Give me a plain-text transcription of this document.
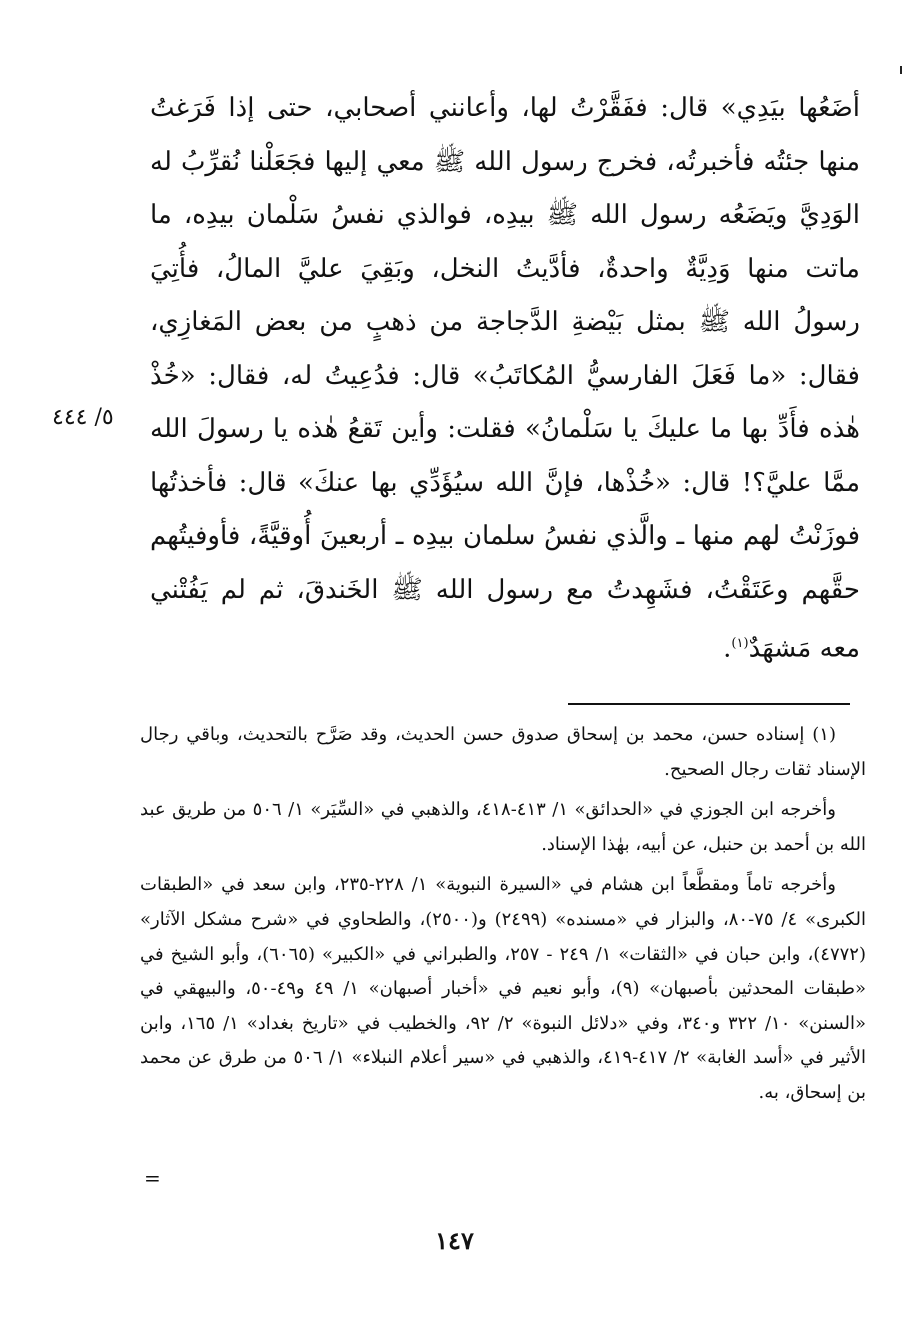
أضَعُها بيَدِي» قال: ففَقَّرْتُ لها، وأعانني أصحابي، حتى إذا فَرَغتُ منها جئتُه فأخبرتُه، فخرج رسول الله ﷺ معي إليها فجَعَلْنا نُقرِّبُ له الوَدِيَّ ويَضَعُه رسول الله ﷺ بيدِه، فوالذي نفسُ سَلْمان بيدِه، ما ماتت منها وَدِيَّةٌ واحدةٌ، فأدَّيتُ النخل، وبَقِيَ عليَّ المالُ، فأُتِيَ رسولُ الله ﷺ بمثل بَيْضةِ الدَّجاجة من ذهبٍ من بعض المَغازِي، فقال: «ما فَعَلَ الفارسيُّ المُكاتَبُ» قال: فدُعِيتُ له، فقال: «خُذْ هٰذه فأَدِّ بها ما عليكَ يا سَلْمانُ» فقلت: وأين تَقعُ هٰذه يا رسولَ الله ممَّا عليَّ؟! قال: «خُذْها، فإنَّ الله سيُؤَدِّي بها عنكَ» قال: فأخذتُها فوزَنْتُ لهم منها ـ والَّذي نفسُ سلمان بيدِه ـ أربعينَ أُوقيَّةً، فأوفيتُهم حقَّهم وعَتَقْتُ، فشَهِدتُ مع رسول الله ﷺ الخَندقَ، ثم لم يَفُتْني معه مَشهَدٌ$^{(١)}$.

٥/ ٤٤٤

(١) إسناده حسن، محمد بن إسحاق صدوق حسن الحديث، وقد صَرَّح بالتحديث، وباقي رجال الإسناد ثقات رجال الصحيح.

وأخرجه ابن الجوزي في «الحدائق» ١/ ٤١٣-٤١٨، والذهبي في «السِّيَر» ١/ ٥٠٦ من طريق عبد الله بن أحمد بن حنبل، عن أبيه، بهٰذا الإسناد.

وأخرجه تاماً ومقطَّعاً ابن هشام في «السيرة النبوية» ١/ ٢٢٨-٢٣٥، وابن سعد في «الطبقات الكبرى» ٤/ ٧٥-٨٠، والبزار في «مسنده» (٢٤٩٩) و(٢٥٠٠)، والطحاوي في «شرح مشكل الآثار» (٤٧٧٢)، وابن حبان في «الثقات» ١/ ٢٤٩ - ٢٥٧، والطبراني في «الكبير» (٦٠٦٥)، وأبو الشيخ في «طبقات المحدثين بأصبهان» (٩)، وأبو نعيم في «أخبار أصبهان» ١/ ٤٩ و٤٩-٥٠، والبيهقي في «السنن» ١٠/ ٣٢٢ و٣٤٠، وفي «دلائل النبوة» ٢/ ٩٢، والخطيب في «تاريخ بغداد» ١/ ١٦٥، وابن الأثير في «أسد الغابة» ٢/ ٤١٧-٤١٩، والذهبي في «سير أعلام النبلاء» ١/ ٥٠٦ من طرق عن محمد بن إسحاق، به.

=
١٤٧
